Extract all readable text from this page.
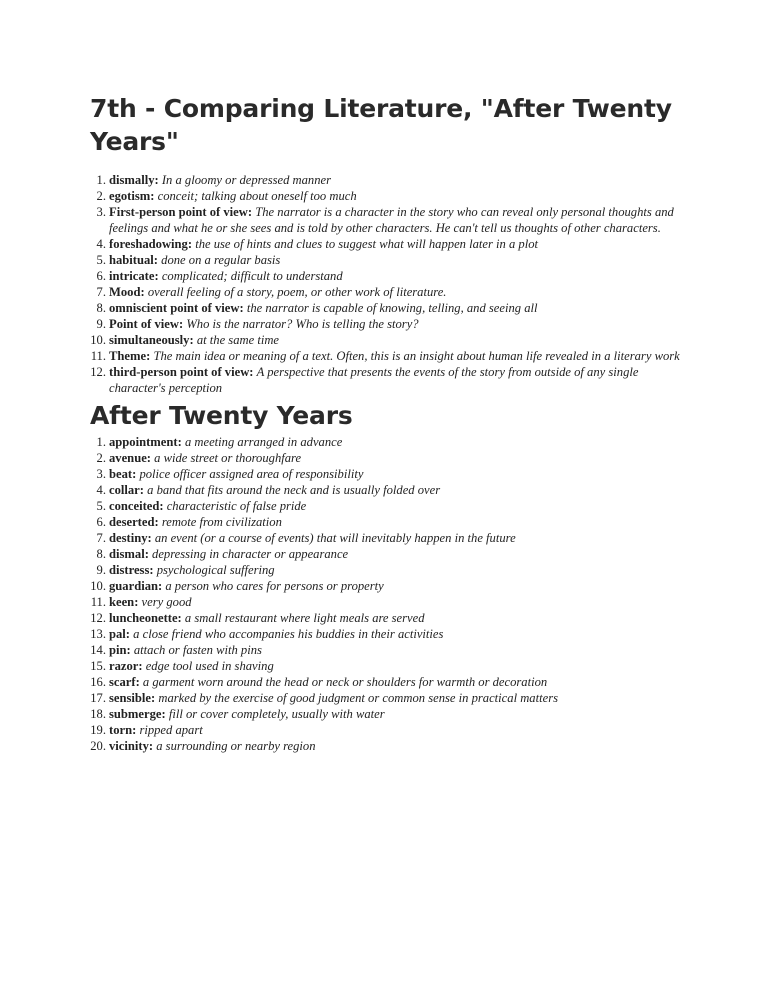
7th - Comparing Literature, "After Twenty Years"
1. dismally: In a gloomy or depressed manner
2. egotism: conceit; talking about oneself too much
3. First-person point of view: The narrator is a character in the story who can reveal only personal thoughts and feelings and what he or she sees and is told by other characters. He can't tell us thoughts of other characters.
4. foreshadowing: the use of hints and clues to suggest what will happen later in a plot
5. habitual: done on a regular basis
6. intricate: complicated; difficult to understand
7. Mood: overall feeling of a story, poem, or other work of literature.
8. omniscient point of view: the narrator is capable of knowing, telling, and seeing all
9. Point of view: Who is the narrator? Who is telling the story?
10. simultaneously: at the same time
11. Theme: The main idea or meaning of a text. Often, this is an insight about human life revealed in a literary work
12. third-person point of view: A perspective that presents the events of the story from outside of any single character's perception
After Twenty Years
1. appointment: a meeting arranged in advance
2. avenue: a wide street or thoroughfare
3. beat: police officer assigned area of responsibility
4. collar: a band that fits around the neck and is usually folded over
5. conceited: characteristic of false pride
6. deserted: remote from civilization
7. destiny: an event (or a course of events) that will inevitably happen in the future
8. dismal: depressing in character or appearance
9. distress: psychological suffering
10. guardian: a person who cares for persons or property
11. keen: very good
12. luncheonette: a small restaurant where light meals are served
13. pal: a close friend who accompanies his buddies in their activities
14. pin: attach or fasten with pins
15. razor: edge tool used in shaving
16. scarf: a garment worn around the head or neck or shoulders for warmth or decoration
17. sensible: marked by the exercise of good judgment or common sense in practical matters
18. submerge: fill or cover completely, usually with water
19. torn: ripped apart
20. vicinity: a surrounding or nearby region
